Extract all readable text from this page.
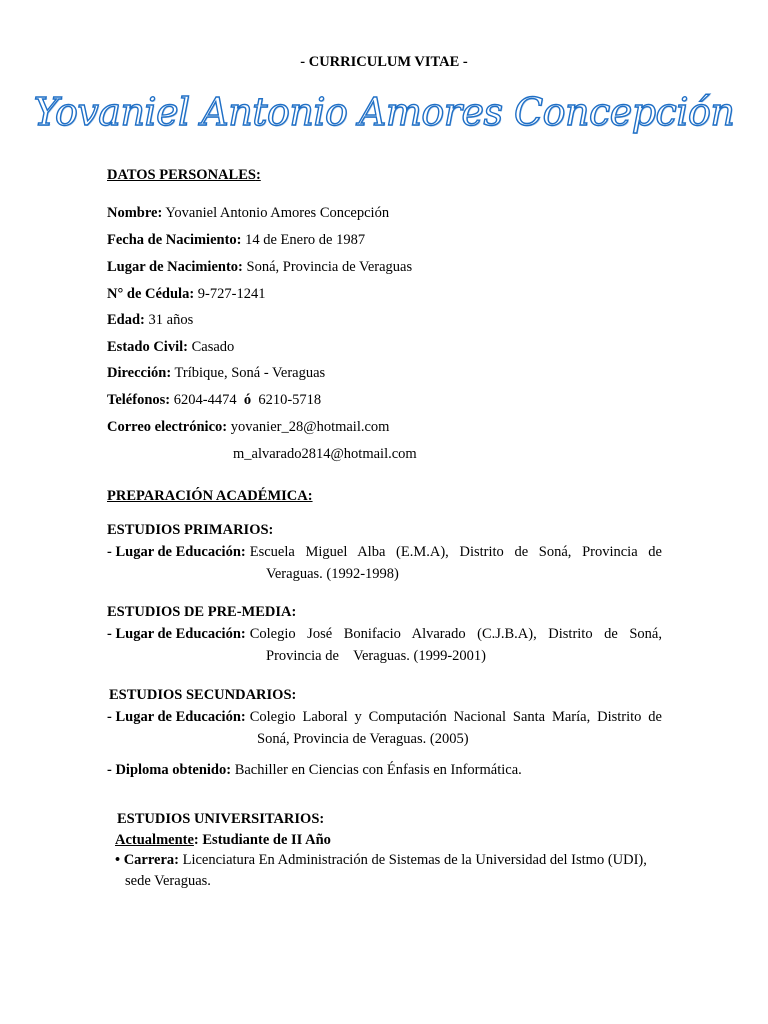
- CURRICULUM VITAE -
Yovaniel Antonio Amores Concepción
DATOS PERSONALES:
Nombre: Yovaniel Antonio Amores Concepción
Fecha de Nacimiento: 14 de Enero de 1987
Lugar de Nacimiento: Soná, Provincia de Veraguas
N° de Cédula: 9-727-1241
Edad: 31 años
Estado Civil: Casado
Dirección: Tríbique, Soná - Veraguas
Teléfonos: 6204-4474 ó 6210-5718
Correo electrónico: yovanier_28@hotmail.com
m_alvarado2814@hotmail.com
PREPARACIÓN ACADÉMICA:
ESTUDIOS PRIMARIOS:
- Lugar de Educación: Escuela Miguel Alba (E.M.A), Distrito de Soná, Provincia de
Veraguas. (1992-1998)
ESTUDIOS DE PRE-MEDIA:
- Lugar de Educación: Colegio José Bonifacio Alvarado (C.J.B.A), Distrito de Soná,
Provincia de    Veraguas. (1999-2001)
ESTUDIOS SECUNDARIOS:
- Lugar de Educación: Colegio Laboral y Computación Nacional Santa María, Distrito de
Soná, Provincia de Veraguas. (2005)
- Diploma obtenido: Bachiller en Ciencias con Énfasis en Informática.
ESTUDIOS UNIVERSITARIOS:
Actualmente: Estudiante de II Año
• Carrera: Licenciatura En Administración de Sistemas de la Universidad del Istmo (UDI),
sede Veraguas.
